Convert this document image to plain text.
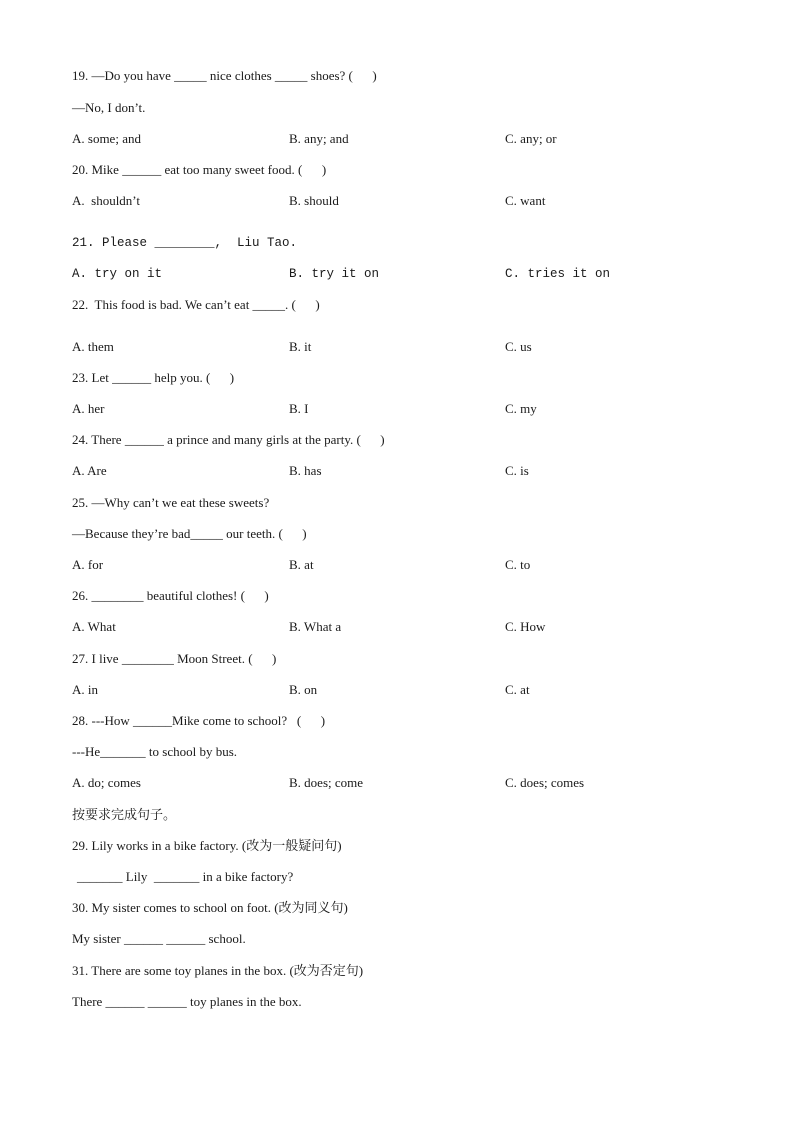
19. —Do you have _____ nice clothes _____ shoes? (      )
—No, I don’t.
A. some; and	B. any; and	C. any; or
20. Mike ______ eat too many sweet food. (      )
A.  shouldn’t	B. should	C. want
21. Please ________,  Liu Tao.
A. try on it	B. try it on	C. tries it on
22.  This food is bad. We can’t eat _____. (      )
A. them	B. it	C. us
23. Let ______ help you. (      )
A. her	B. I	C. my
24. There ______ a prince and many girls at the party. (      )
A. Are	B. has	C. is
25. —Why can’t we eat these sweets?
—Because they’re bad_____ our teeth. (      )
A. for	B. at	C. to
26. ________ beautiful clothes! (      )
A. What	B. What a	C. How
27. I live ________ Moon Street. (      )
A. in	B. on	C. at
28. ---How ______Mike come to school?   (      )
---He_______ to school by bus.
A. do; comes	B. does; come	C. does; comes
按要求完成句子。
29. Lily works in a bike factory. (改为一般疑问句)
_______ Lily  _______ in a bike factory?
30. My sister comes to school on foot. (改为同义句)
My sister ______ ______ school.
31. There are some toy planes in the box. (改为否定句)
There ______ ______ toy planes in the box.
